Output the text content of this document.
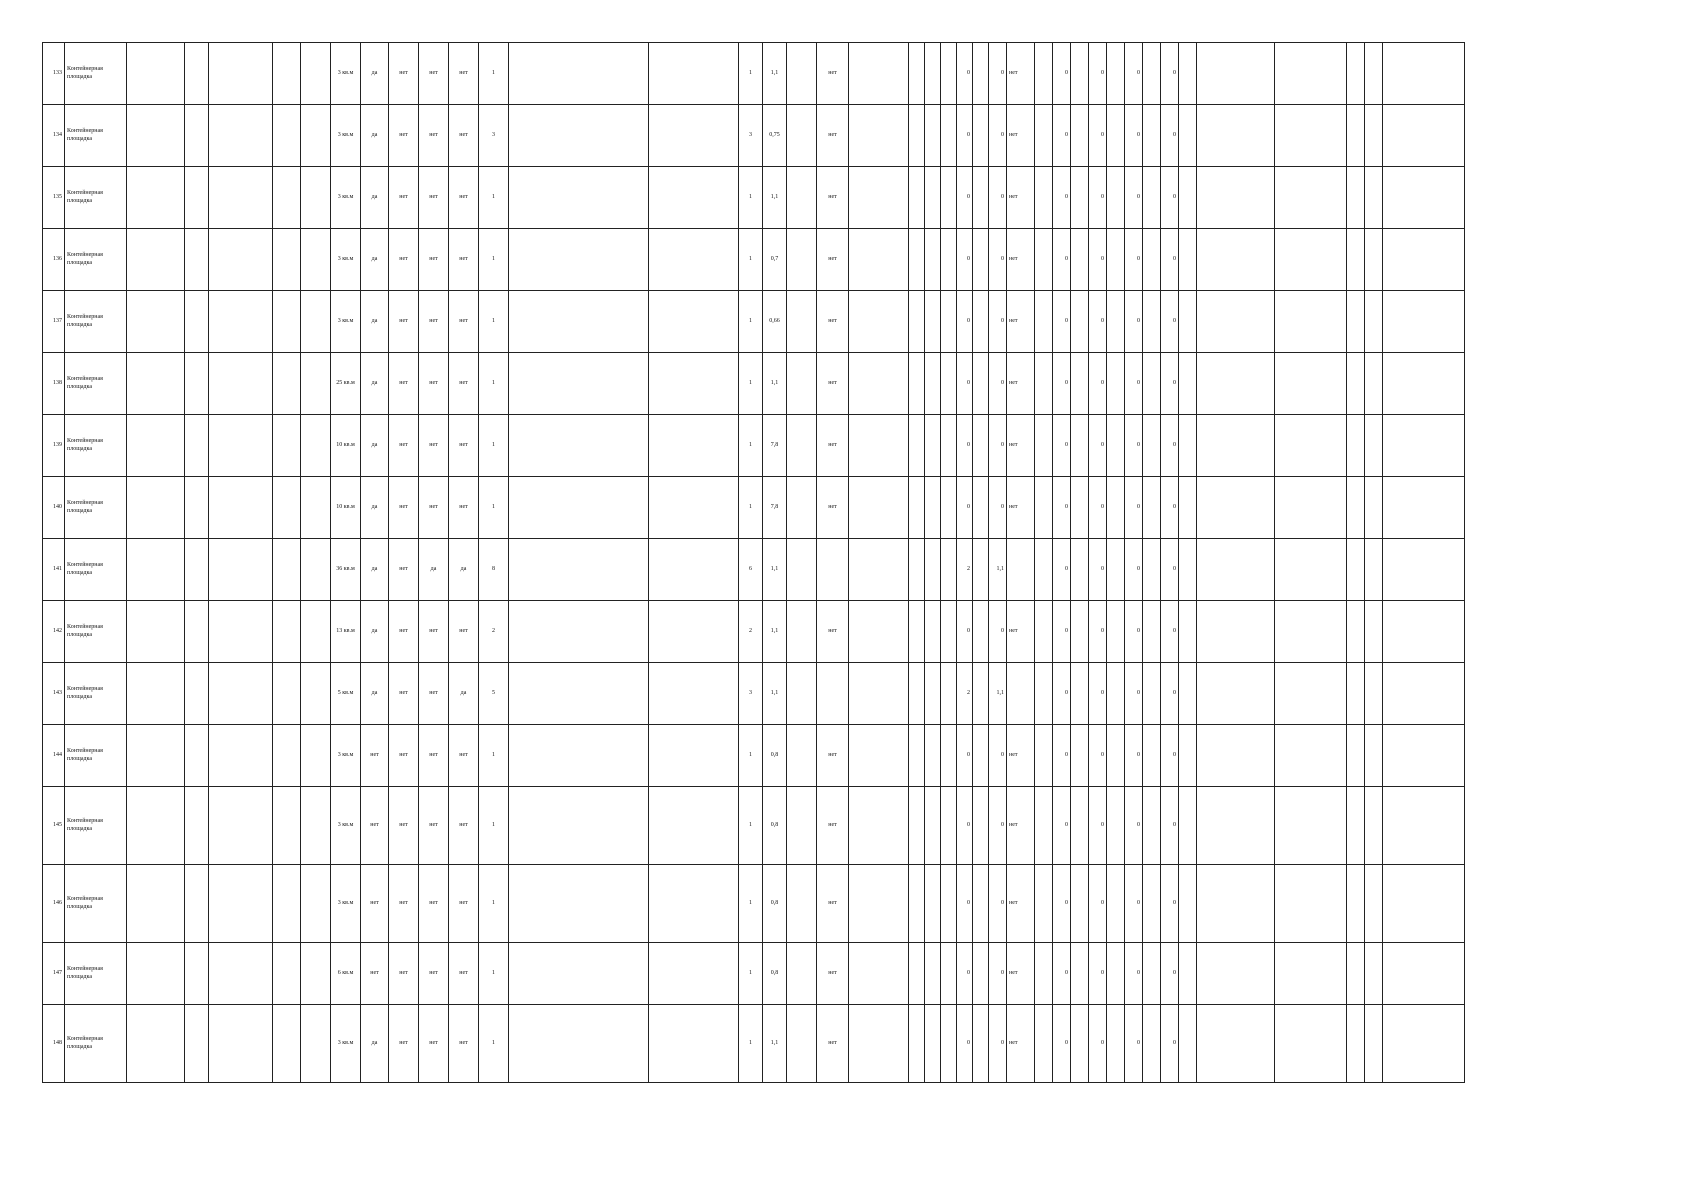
133	Контейнерная площадка						3 кв.м	да	нет	нет	нет	1			1	1,1		нет					0		0	нет		0		0		0		0						
134	Контейнерная площадка						3 кв.м	да	нет	нет	нет	3			3	0,75		нет					0		0	нет		0		0		0		0						
135	Контейнерная площадка						3 кв.м	да	нет	нет	нет	1			1	1,1		нет					0		0	нет		0		0		0		0						
136	Контейнерная площадка						3 кв.м	да	нет	нет	нет	1			1	0,7		нет					0		0	нет		0		0		0		0						
137	Контейнерная площадка						3 кв.м	да	нет	нет	нет	1			1	0,66		нет					0		0	нет		0		0		0		0						
138	Контейнерная площадка						25 кв.м	да	нет	нет	нет	1			1	1,1		нет					0		0	нет		0		0		0		0						
139	Контейнерная площадка						10 кв.м	да	нет	нет	нет	1			1	7,8		нет					0		0	нет		0		0		0		0						
140	Контейнерная площадка						10 кв.м	да	нет	нет	нет	1			1	7,8		нет					0		0	нет		0		0		0		0						
141	Контейнерная площадка						36 кв.м	да	нет	да	да	8			6	1,1							2		1,1			0		0		0		0						
142	Контейнерная площадка						13 кв.м	да	нет	нет	нет	2			2	1,1		нет					0		0	нет		0		0		0		0						
143	Контейнерная площадка						5 кв.м	да	нет	нет	да	5			3	1,1							2		1,1			0		0		0		0						
144	Контейнерная площадка						3 кв.м	нет	нет	нет	нет	1			1	0,8		нет					0		0	нет		0		0		0		0						
145	Контейнерная площадка						3 кв.м	нет	нет	нет	нет	1			1	0,8		нет					0		0	нет		0		0		0		0						
146	Контейнерная площадка						3 кв.м	нет	нет	нет	нет	1			1	0,8		нет					0		0	нет		0		0		0		0						
147	Контейнерная площадка						6 кв.м	нет	нет	нет	нет	1			1	0,8		нет					0		0	нет		0		0		0		0						
148	Контейнерная площадка						3 кв.м	да	нет	нет	нет	1			1	1,1		нет					0		0	нет		0		0		0		0						
